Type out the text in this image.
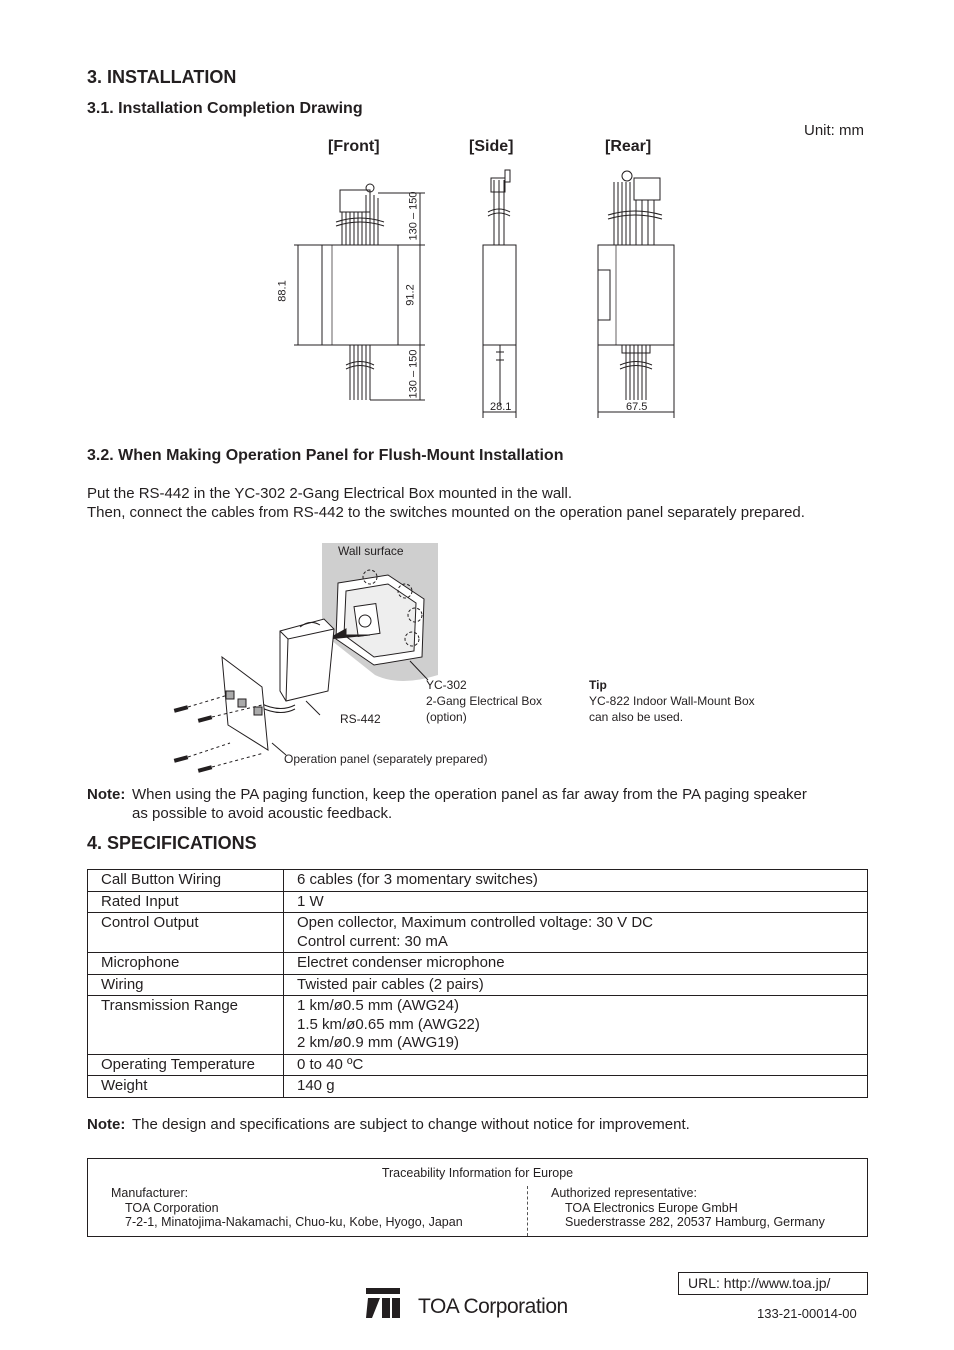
3. INSTALLATION
3.1. Installation Completion Drawing
Unit: mm
[Front]	[Side]	[Rear]
88.1
130 – 150
91.2
130 – 150
28.1	67.5
3.2. When Making Operation Panel for Flush-Mount Installation
Put the RS-442 in the YC-302 2-Gang Electrical Box mounted in the wall.
Then, connect the cables from RS-442 to the switches mounted on the operation panel separately prepared.
Wall surface
YC-302
2-Gang Electrical Box
(option)
RS-442
Operation panel (separately prepared)
Tip
YC-822 Indoor Wall-Mount Box
can also be used.
Note: When using the PA paging function, keep the operation panel as far away from the PA paging speaker
as possible to avoid acoustic feedback.
4. SPECIFICATIONS
Call Button Wiring	6 cables (for 3 momentary switches)
Rated Input	1 W
Control Output	Open collector, Maximum controlled voltage: 30 V DC
Control current: 30 mA
Microphone	Electret condenser microphone
Wiring	Twisted pair cables (2 pairs)
Transmission Range	1 km/ø0.5 mm (AWG24)
1.5 km/ø0.65 mm (AWG22)
2 km/ø0.9 mm (AWG19)
Operating Temperature	0 to 40 ºC
Weight	140 g
Note: The design and specifications are subject to change without notice for improvement.
Traceability Information for Europe
Manufacturer:
TOA Corporation
7-2-1, Minatojima-Nakamachi, Chuo-ku, Kobe, Hyogo, Japan
Authorized representative:
TOA Electronics Europe GmbH
Suederstrasse 282, 20537 Hamburg, Germany
URL: http://www.toa.jp/
TOA Corporation	133-21-00014-00
